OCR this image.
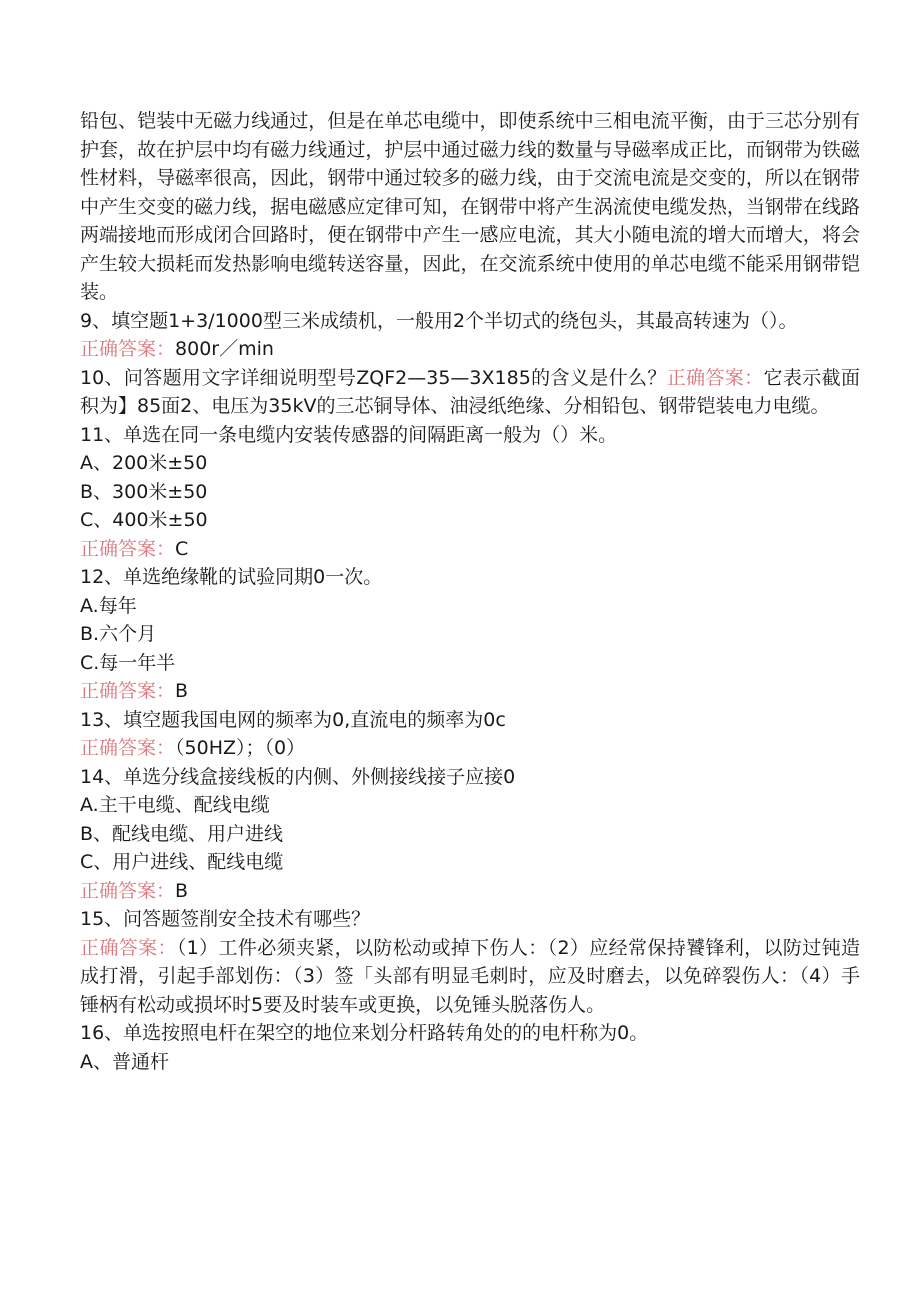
铅包、铠装中无磁力线通过，但是在单芯电缆中，即使系统中三相电流平衡，由于三芯分别有护套，故在护层中均有磁力线通过，护层中通过磁力线的数量与导磁率成正比，而钢带为铁磁性材料，导磁率很高，因此，钢带中通过较多的磁力线，由于交流电流是交变的，所以在钢带中产生交变的磁力线，据电磁感应定律可知，在钢带中将产生涡流使电缆发热，当钢带在线路两端接地而形成闭合回路时，便在钢带中产生一感应电流，其大小随电流的增大而增大，将会产生较大损耗而发热影响电缆转送容量，因此，在交流系统中使用的单芯电缆不能采用钢带铠装。

9、填空题1+3/1000型三米成绩机，一般用2个半切式的绕包头，其最高转速为（）。

正确答案：800r／min

10、问答题用文字详细说明型号ZQF2—35—3X185的含义是什么？正确答案：它表示截面积为】85面2、电压为35kV的三芯铜导体、油浸纸绝缘、分相铅包、钢带铠装电力电缆。

11、单选在同一条电缆内安装传感器的间隔距离一般为（）米。

A、200米±50

B、300米±50

C、400米±50

正确答案：C

12、单选绝缘靴的试验同期0一次。

A.每年

B.六个月

C.每一年半

正确答案：B

13、填空题我国电网的频率为0,直流电的频率为0c

正确答案：（50HZ）；（0）

14、单选分线盒接线板的内侧、外侧接线接子应接0

A.主干电缆、配线电缆

B、配线电缆、用户进线

C、用户进线、配线电缆

正确答案：B

15、问答题签削安全技术有哪些？

正确答案：（1）工件必须夹紧，以防松动或掉下伤人：（2）应经常保持饕锋利，以防过钝造成打滑，引起手部划伤：（3）签「头部有明显毛刺时，应及时磨去，以免碎裂伤人：（4）手锤柄有松动或损坏时5要及时装车或更换，以免锤头脱落伤人。

16、单选按照电杆在架空的地位来划分杆路转角处的的电杆称为0。

A、普通杆
